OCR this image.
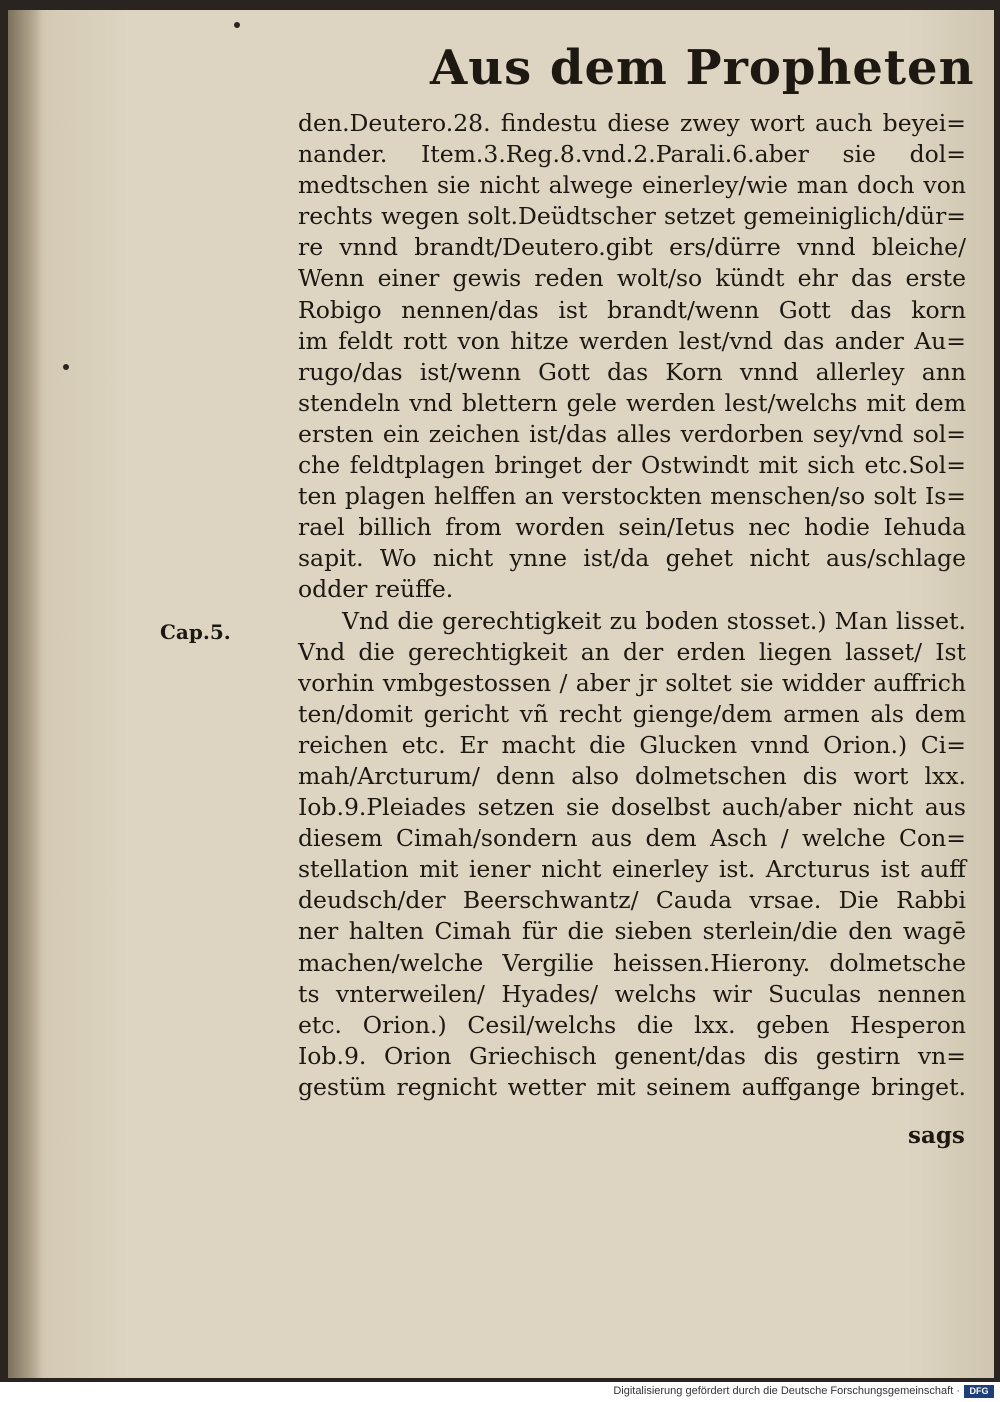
Aus dem Propheten
Cap.5.
den.Deutero.28. findestu diese zwey wort auch beyei=
nander. Item.3.Reg.8.vnd.2.Parali.6.aber sie dol=
medtschen sie nicht alwege einerley/wie man doch von
rechts wegen solt.Deüdtscher setzet gemeiniglich/dür=
re vnnd brandt/Deutero.gibt ers/dürre vnnd bleiche/
Wenn einer gewis reden wolt/so kündt ehr das erste
Robigo nennen/das ist brandt/wenn Gott das korn
im feldt rott von hitze werden lest/vnd das ander Au=
rugo/das ist/wenn Gott das Korn vnnd allerley ann
stendeln vnd blettern gele werden lest/welchs mit dem
ersten ein zeichen ist/das alles verdorben sey/vnd sol=
che feldtplagen bringet der Ostwindt mit sich etc.Sol=
ten plagen helffen an verstockten menschen/so solt Is=
rael billich from worden sein/Ietus nec hodie Iehuda
sapit. Wo nicht ynne ist/da gehet nicht aus/schlage
odder reüffe.
Vnd die gerechtigkeit zu boden stosset.) Man lisset.
Vnd die gerechtigkeit an der erden liegen lasset/ Ist
vorhin vmbgestossen / aber jr soltet sie widder auffrich
ten/domit gericht vñ recht gienge/dem armen als dem
reichen etc. Er macht die Glucken vnnd Orion.) Ci=
mah/Arcturum/ denn also dolmetschen dis wort lxx.
Iob.9.Pleiades setzen sie doselbst auch/aber nicht aus
diesem Cimah/sondern aus dem Asch / welche Con=
stellation mit iener nicht einerley ist. Arcturus ist auff
deudsch/der Beerschwantz/ Cauda vrsae. Die Rabbi
ner halten Cimah für die sieben sterlein/die den wagē
machen/welche Vergilie heissen.Hierony. dolmetsche
ts vnterweilen/ Hyades/ welchs wir Suculas nennen
etc. Orion.) Cesil/welchs die lxx. geben Hesperon
Iob.9. Orion Griechisch genent/das dis gestirn vn=
gestüm regnicht wetter mit seinem auffgange bringet.
sags
Digitalisierung gefördert durch die Deutsche Forschungsgemeinschaft ·	DFG
